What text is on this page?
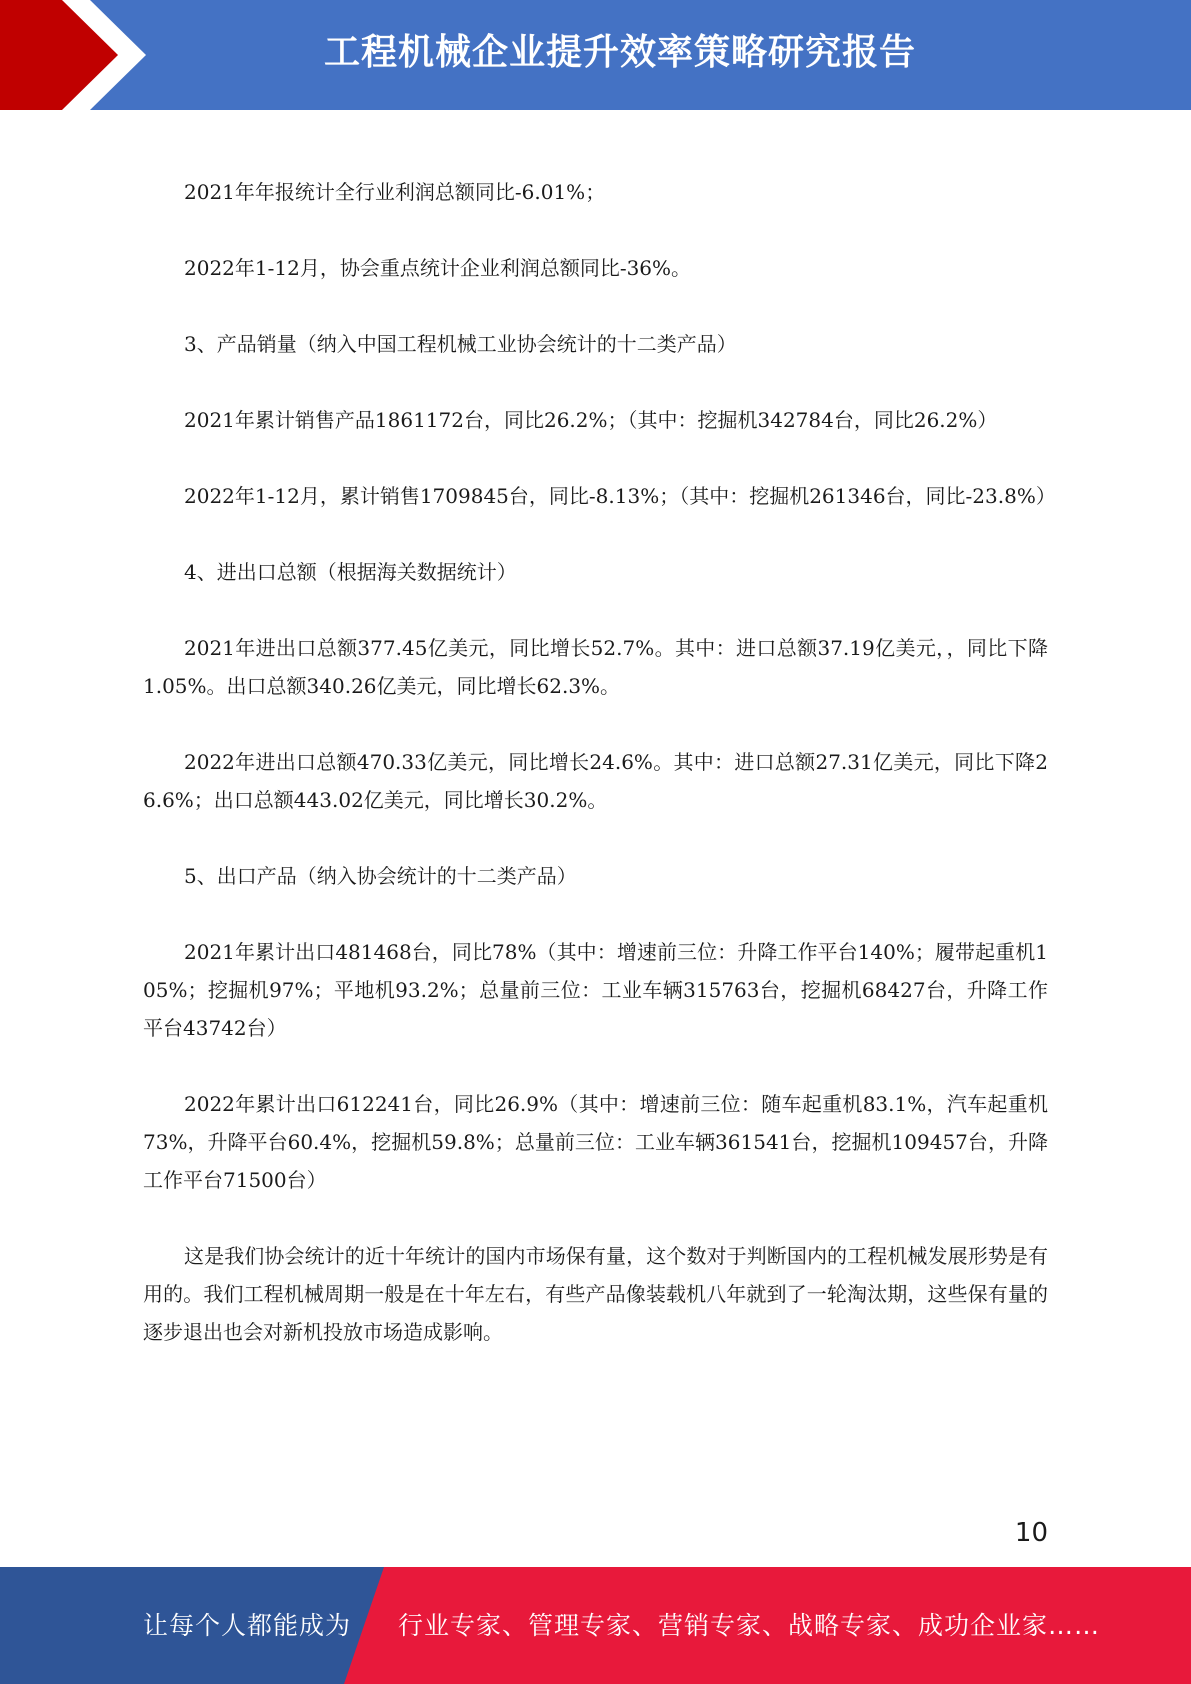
工程机械企业提升效率策略研究报告

2021年年报统计全行业利润总额同比-6.01%；

2022年1-12月，协会重点统计企业利润总额同比-36%。

3、产品销量（纳入中国工程机械工业协会统计的十二类产品）

2021年累计销售产品1861172台，同比26.2%；（其中：挖掘机342784台，同比26.2%）

2022年1-12月，累计销售1709845台，同比-8.13%；（其中：挖掘机261346台，同比-23.8%）

4、进出口总额（根据海关数据统计）

2021年进出口总额377.45亿美元，同比增长52.7%。其中：进口总额37.19亿美元，，同比下降1.05%。出口总额340.26亿美元，同比增长62.3%。

2022年进出口总额470.33亿美元，同比增长24.6%。其中：进口总额27.31亿美元，同比下降26.6%；出口总额443.02亿美元，同比增长30.2%。

5、出口产品（纳入协会统计的十二类产品）

2021年累计出口481468台，同比78%（其中：增速前三位：升降工作平台140%；履带起重机105%；挖掘机97%；平地机93.2%；总量前三位：工业车辆315763台，挖掘机68427台，升降工作平台43742台）

2022年累计出口612241台，同比26.9%（其中：增速前三位：随车起重机83.1%，汽车起重机73%，升降平台60.4%，挖掘机59.8%；总量前三位：工业车辆361541台，挖掘机109457台，升降工作平台71500台）

这是我们协会统计的近十年统计的国内市场保有量，这个数对于判断国内的工程机械发展形势是有用的。我们工程机械周期一般是在十年左右，有些产品像装载机八年就到了一轮淘汰期，这些保有量的逐步退出也会对新机投放市场造成影响。

10
让每个人都能成为 行业专家、管理专家、营销专家、战略专家、成功企业家……
